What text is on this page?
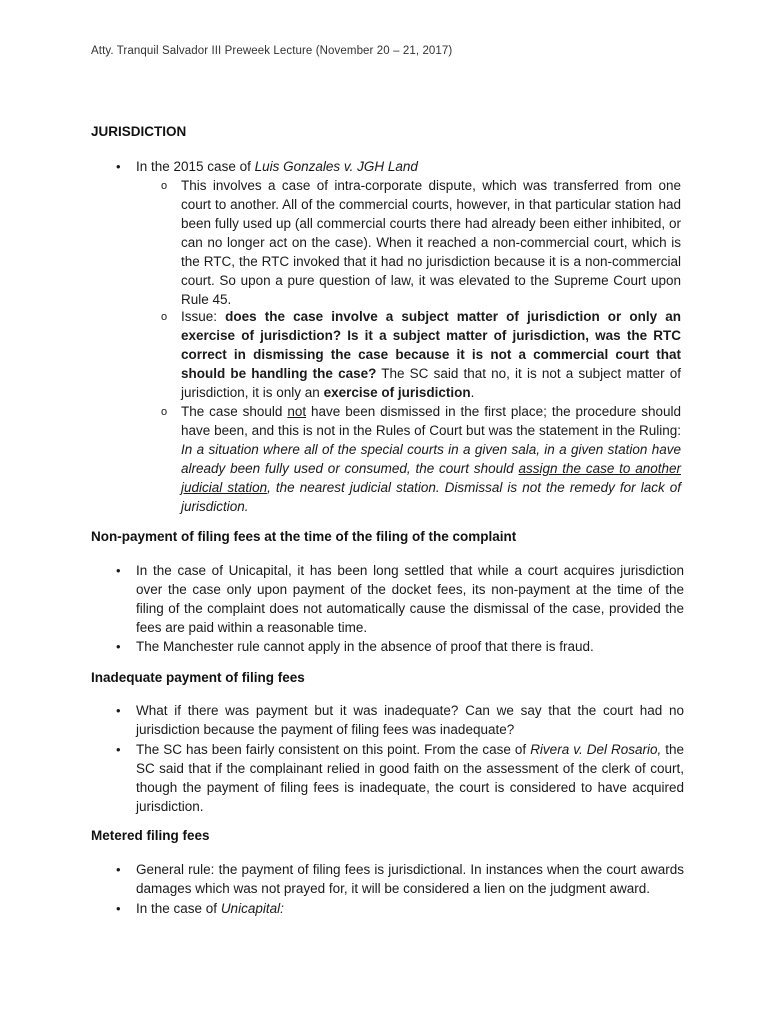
Atty. Tranquil Salvador III Preweek Lecture (November 20 – 21, 2017)
JURISDICTION
• In the 2015 case of Luis Gonzales v. JGH Land
o This involves a case of intra-corporate dispute, which was transferred from one court to another. All of the commercial courts, however, in that particular station had been fully used up (all commercial courts there had already been either inhibited, or can no longer act on the case). When it reached a non-commercial court, which is the RTC, the RTC invoked that it had no jurisdiction because it is a non-commercial court. So upon a pure question of law, it was elevated to the Supreme Court upon Rule 45.
o Issue: does the case involve a subject matter of jurisdiction or only an exercise of jurisdiction? Is it a subject matter of jurisdiction, was the RTC correct in dismissing the case because it is not a commercial court that should be handling the case? The SC said that no, it is not a subject matter of jurisdiction, it is only an exercise of jurisdiction.
o The case should not have been dismissed in the first place; the procedure should have been, and this is not in the Rules of Court but was the statement in the Ruling: In a situation where all of the special courts in a given sala, in a given station have already been fully used or consumed, the court should assign the case to another judicial station, the nearest judicial station. Dismissal is not the remedy for lack of jurisdiction.
Non-payment of filing fees at the time of the filing of the complaint
• In the case of Unicapital, it has been long settled that while a court acquires jurisdiction over the case only upon payment of the docket fees, its non-payment at the time of the filing of the complaint does not automatically cause the dismissal of the case, provided the fees are paid within a reasonable time.
• The Manchester rule cannot apply in the absence of proof that there is fraud.
Inadequate payment of filing fees
• What if there was payment but it was inadequate? Can we say that the court had no jurisdiction because the payment of filing fees was inadequate?
• The SC has been fairly consistent on this point. From the case of Rivera v. Del Rosario, the SC said that if the complainant relied in good faith on the assessment of the clerk of court, though the payment of filing fees is inadequate, the court is considered to have acquired jurisdiction.
Metered filing fees
• General rule: the payment of filing fees is jurisdictional. In instances when the court awards damages which was not prayed for, it will be considered a lien on the judgment award.
• In the case of Unicapital:
